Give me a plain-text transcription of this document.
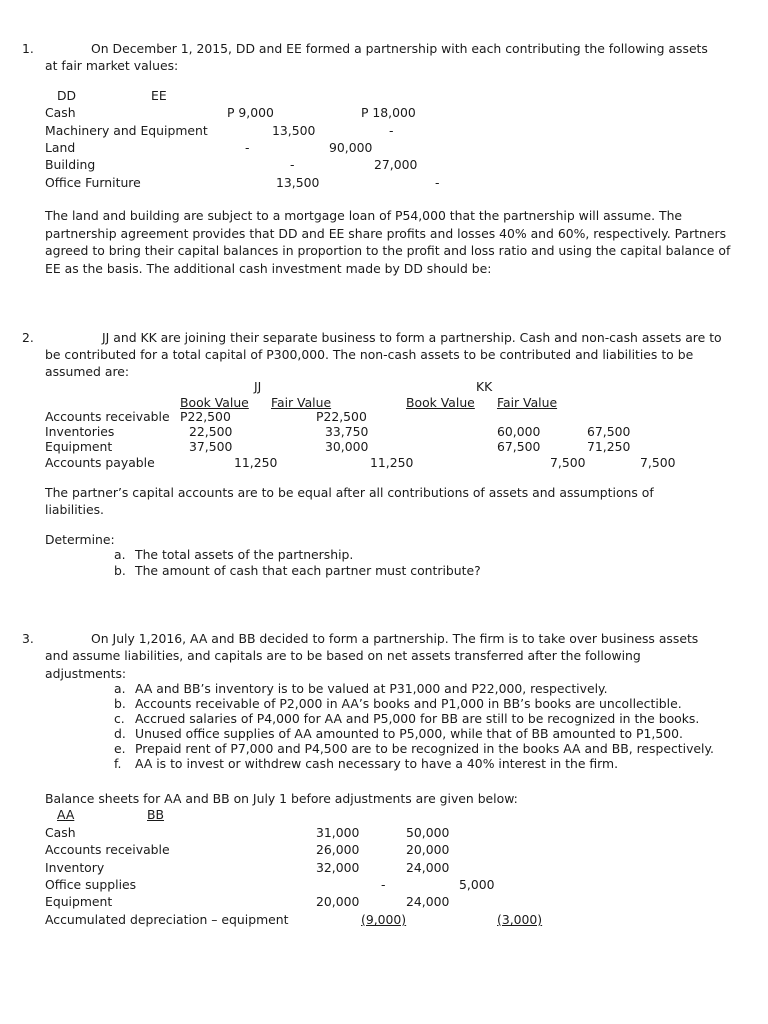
1.	On December 1, 2015, DD and EE formed a partnership with each contributing the following assets
at fair market values:
DD	EE
Cash	P 9,000	P 18,000
Machinery and Equipment	13,500	-
Land	-	90,000
Building	-	27,000
Office Furniture	13,500	-
The land and building are subject to a mortgage loan of P54,000 that the partnership will assume. The partnership agreement provides that DD and EE share profits and losses 40% and 60%, respectively. Partners agreed to bring their capital balances in proportion to the profit and loss ratio and using the capital balance of EE as the basis. The additional cash investment made by DD should be:
2.	JJ and KK are joining their separate business to form a partnership. Cash and non-cash assets are to
be contributed for a total capital of P300,000. The non-cash assets to be contributed and liabilities to be
assumed are:
JJ	KK
Book Value Fair Value	Book Value Fair Value
Accounts receivable P22,500	P22,500
Inventories	22,500	33,750	60,000	67,500
Equipment	37,500	30,000	67,500	71,250
Accounts payable	11,250	11,250	7,500	7,500
The partner’s capital accounts are to be equal after all contributions of assets and assumptions of
liabilities.
Determine:
a. The total assets of the partnership.
b. The amount of cash that each partner must contribute?
3.	On July 1,2016, AA and BB decided to form a partnership. The firm is to take over business assets
and assume liabilities, and capitals are to be based on net assets transferred after the following
adjustments:
a. AA and BB’s inventory is to be valued at P31,000 and P22,000, respectively.
b. Accounts receivable of P2,000 in AA’s books and P1,000 in BB’s books are uncollectible.
c. Accrued salaries of P4,000 for AA and P5,000 for BB are still to be recognized in the books.
d. Unused office supplies of AA amounted to P5,000, while that of BB amounted to P1,500.
e. Prepaid rent of P7,000 and P4,500 are to be recognized in the books AA and BB, respectively.
f. AA is to invest or withdrew cash necessary to have a 40% interest in the firm.
Balance sheets for AA and BB on July 1 before adjustments are given below:
AA	BB
Cash	31,000	50,000
Accounts receivable	26,000	20,000
Inventory	32,000	24,000
Office supplies	-	5,000
Equipment	20,000	24,000
Accumulated depreciation – equipment	(9,000)	(3,000)
